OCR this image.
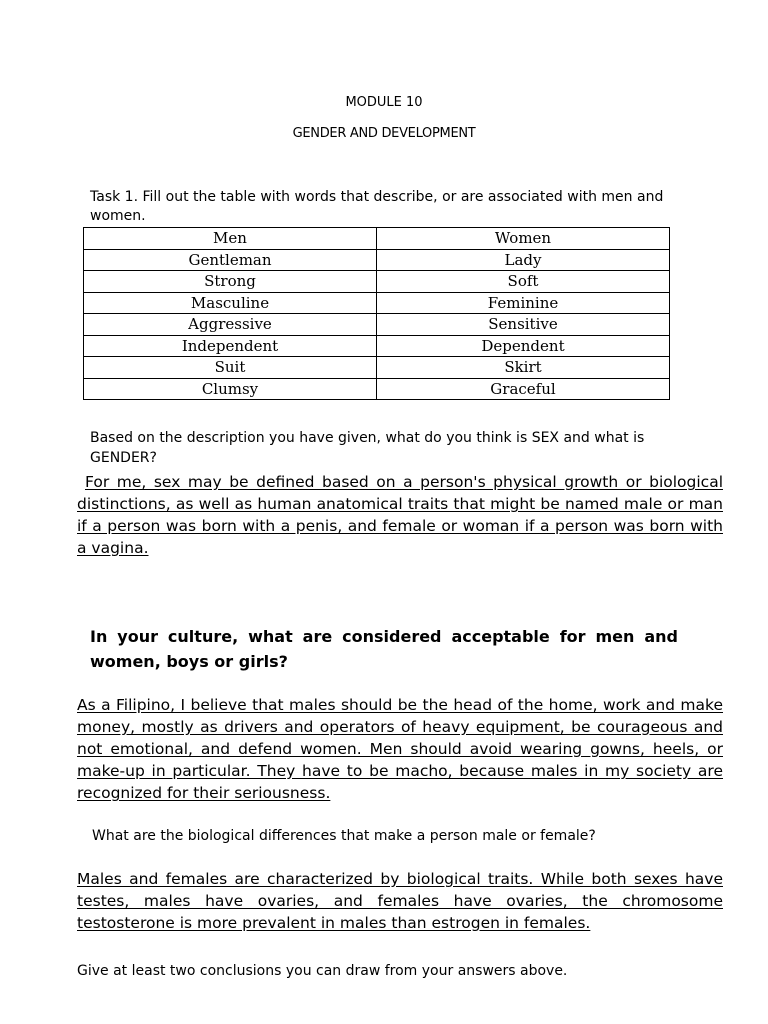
MODULE 10
GENDER AND DEVELOPMENT
Task 1. Fill out the table with words that describe, or are associated with men and women.
Men	Women
Gentleman	Lady
Strong	Soft
Masculine	Feminine
Aggressive	Sensitive
Independent	Dependent
Suit	Skirt
Clumsy	Graceful
Based on the description you have given, what do you think is SEX and what is GENDER?
For me, sex may be defined based on a person's physical growth or biological distinctions, as well as human anatomical traits that might be named male or man if a person was born with a penis, and female or woman if a person was born with a vagina.
In your culture, what are considered acceptable for men and women, boys or girls?
As a Filipino, I believe that males should be the head of the home, work and make money, mostly as drivers and operators of heavy equipment, be courageous and not emotional, and defend women. Men should avoid wearing gowns, heels, or make-up in particular. They have to be macho, because males in my society are recognized for their seriousness.
What are the biological differences that make a person male or female?
Males and females are characterized by biological traits. While both sexes have testes, males have ovaries, and females have ovaries, the chromosome testosterone is more prevalent in males than estrogen in females.
Give at least two conclusions you can draw from your answers above.
